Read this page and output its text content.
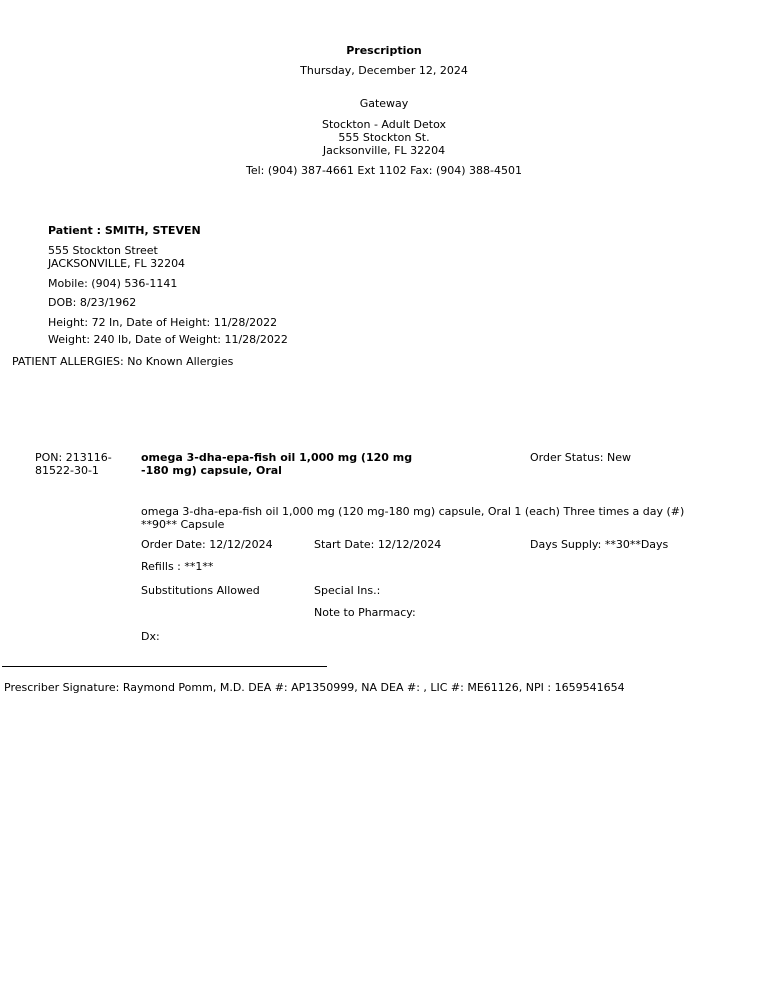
Prescription
Thursday, December 12, 2024
Gateway
Stockton - Adult Detox
555 Stockton St.
Jacksonville, FL 32204
Tel: (904) 387-4661 Ext 1102 Fax: (904) 388-4501
Patient : SMITH, STEVEN
555 Stockton Street
JACKSONVILLE, FL 32204
Mobile: (904) 536-1141
DOB: 8/23/1962
Height: 72 In, Date of Height: 11/28/2022
Weight: 240 lb, Date of Weight: 11/28/2022
PATIENT ALLERGIES: No Known Allergies
PON: 213116-
81522-30-1
omega 3-dha-epa-fish oil 1,000 mg (120 mg
-180 mg) capsule, Oral
Order Status: New
omega 3-dha-epa-fish oil 1,000 mg (120 mg-180 mg) capsule, Oral 1 (each) Three times a day (#)
**90** Capsule
Order Date: 12/12/2024	Start Date: 12/12/2024	Days Supply: **30**Days
Refills : **1**
Substitutions Allowed	Special Ins.:
Note to Pharmacy:
Dx:
Prescriber Signature: Raymond Pomm, M.D. DEA #: AP1350999, NA DEA #: , LIC #: ME61126, NPI : 1659541654
